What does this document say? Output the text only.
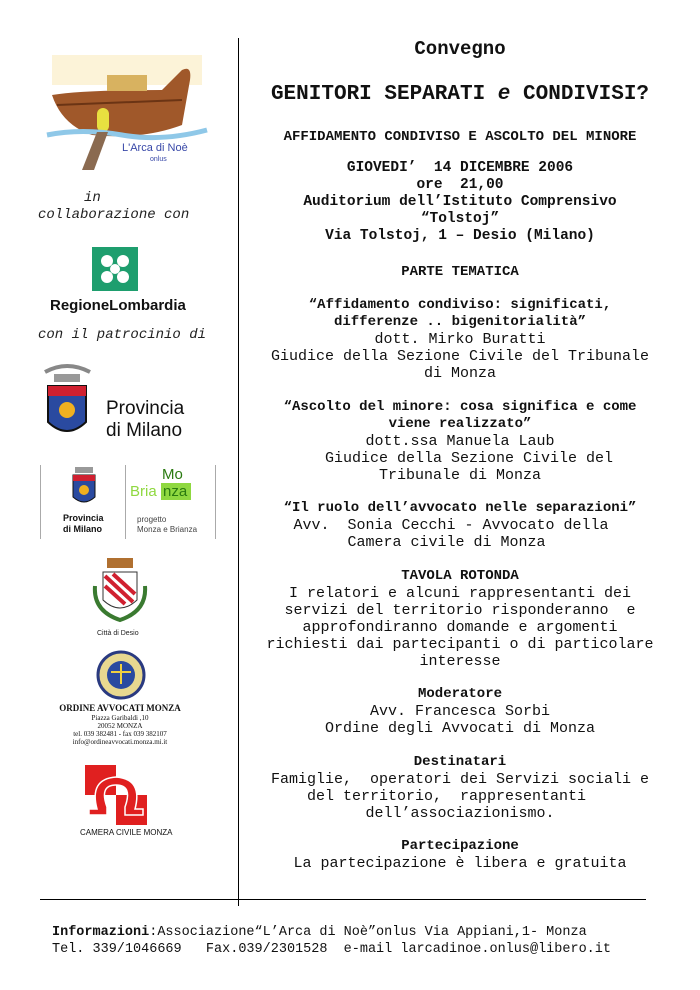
L'Arca di Noè
onlus
in
collaborazione con
RegioneLombardia
con il patrocinio di
Provincia
di Milano
Provincia
di Milano
Mo
Bria nza
progetto
Monza e Brianza
Città di Desio
ORDINE AVVOCATI MONZA
Piazza Garibaldi ,10
20052 MONZA
tel. 039 382481 - fax 039 382107
info@ordineavvocati.monza.mi.it
CAMERA CIVILE MONZA
Convegno
GENITORI SEPARATI e CONDIVISI?
AFFIDAMENTO CONDIVISO E ASCOLTO DEL MINORE
GIOVEDI’  14 DICEMBRE 2006
ore  21,00
Auditorium dell’Istituto Comprensivo
“Tolstoj”
Via Tolstoj, 1 – Desio (Milano)
PARTE TEMATICA
“Affidamento condiviso: significati,
differenze .. bigenitorialità”
dott. Mirko Buratti
Giudice della Sezione Civile del Tribunale
di Monza
“Ascolto del minore: cosa significa e come
viene realizzato”
dott.ssa Manuela Laub
Giudice della Sezione Civile del
Tribunale di Monza
“Il ruolo dell’avvocato nelle separazioni”
Avv.  Sonia Cecchi - Avvocato della
Camera civile di Monza
TAVOLA ROTONDA
I relatori e alcuni rappresentanti dei
servizi del territorio risponderanno  e
approfondiranno domande e argomenti
richiesti dai partecipanti o di particolare
interesse
Moderatore
Avv. Francesca Sorbi
Ordine degli Avvocati di Monza
Destinatari
Famiglie,  operatori dei Servizi sociali e
del territorio,  rappresentanti
dell’associazionismo.
Partecipazione
La partecipazione è libera e gratuita
Informazioni:Associazione“L’Arca di Noè”onlus Via Appiani,1- Monza
Tel. 339/1046669   Fax.039/2301528  e-mail larcadinoe.onlus@libero.it
